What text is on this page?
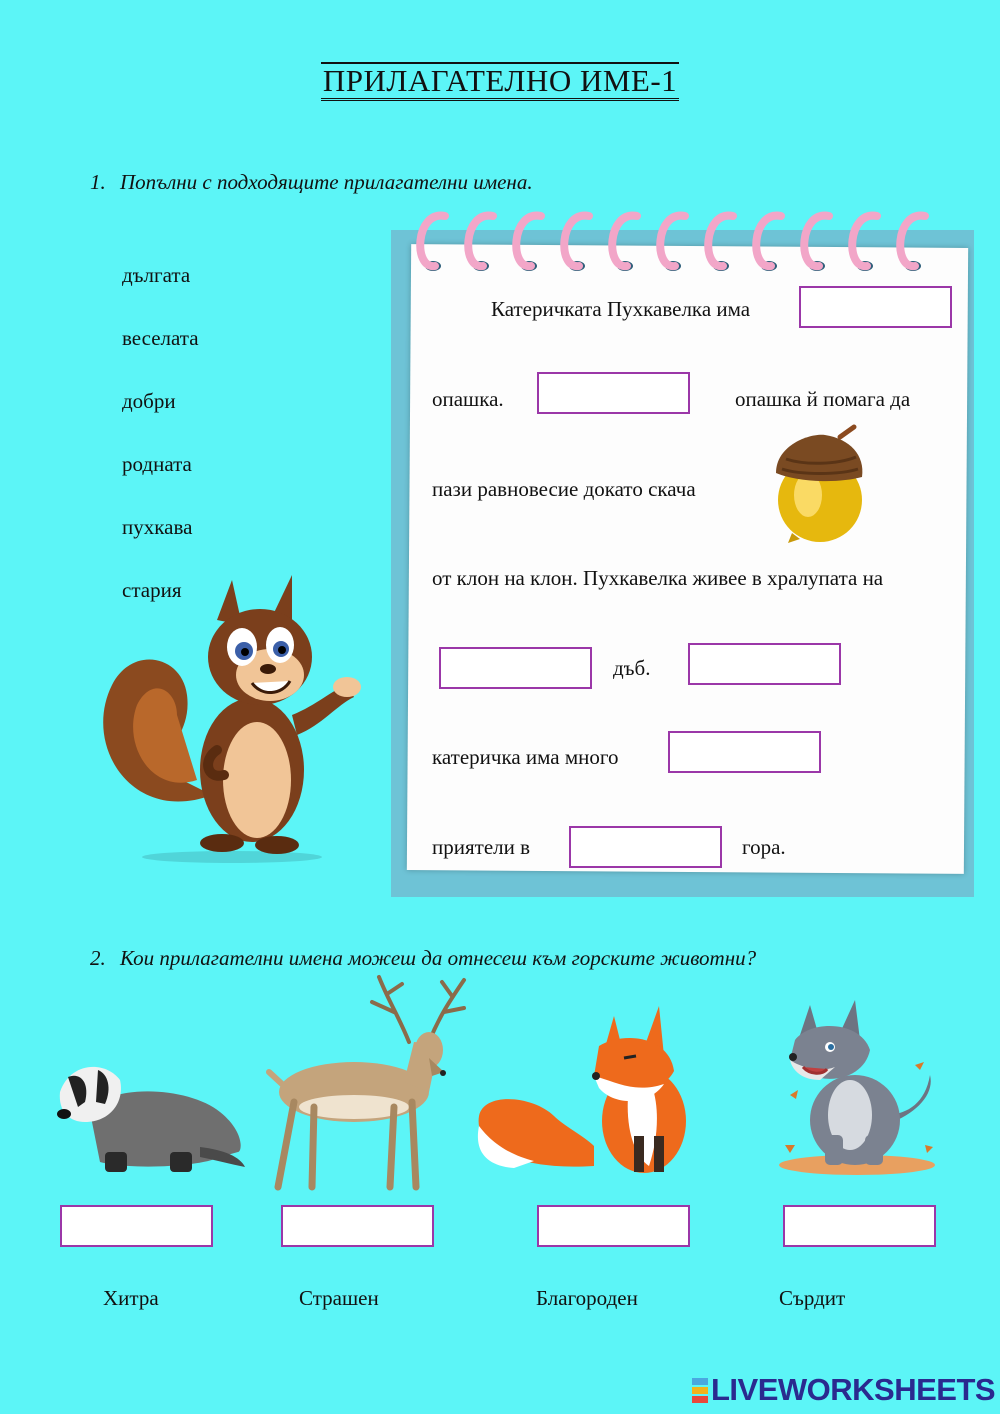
ПРИЛАГАТЕЛНО ИМЕ-1
1. Попълни с подходящите прилагателни имена.
дългата
веселата
добри
родната
пухкава
стария
Катеричката Пухкавелка има
опашка.	опашка й помага да
пази равновесие докато скача
от клон на клон. Пухкавелка живее в хралупата на
дъб.
катеричка има много
приятели в	гора.
2. Кои прилагателни имена можеш да отнесеш към горските животни?
Хитра	Страшен	Благороден	Сърдит
LIVEWORKSHEETS
